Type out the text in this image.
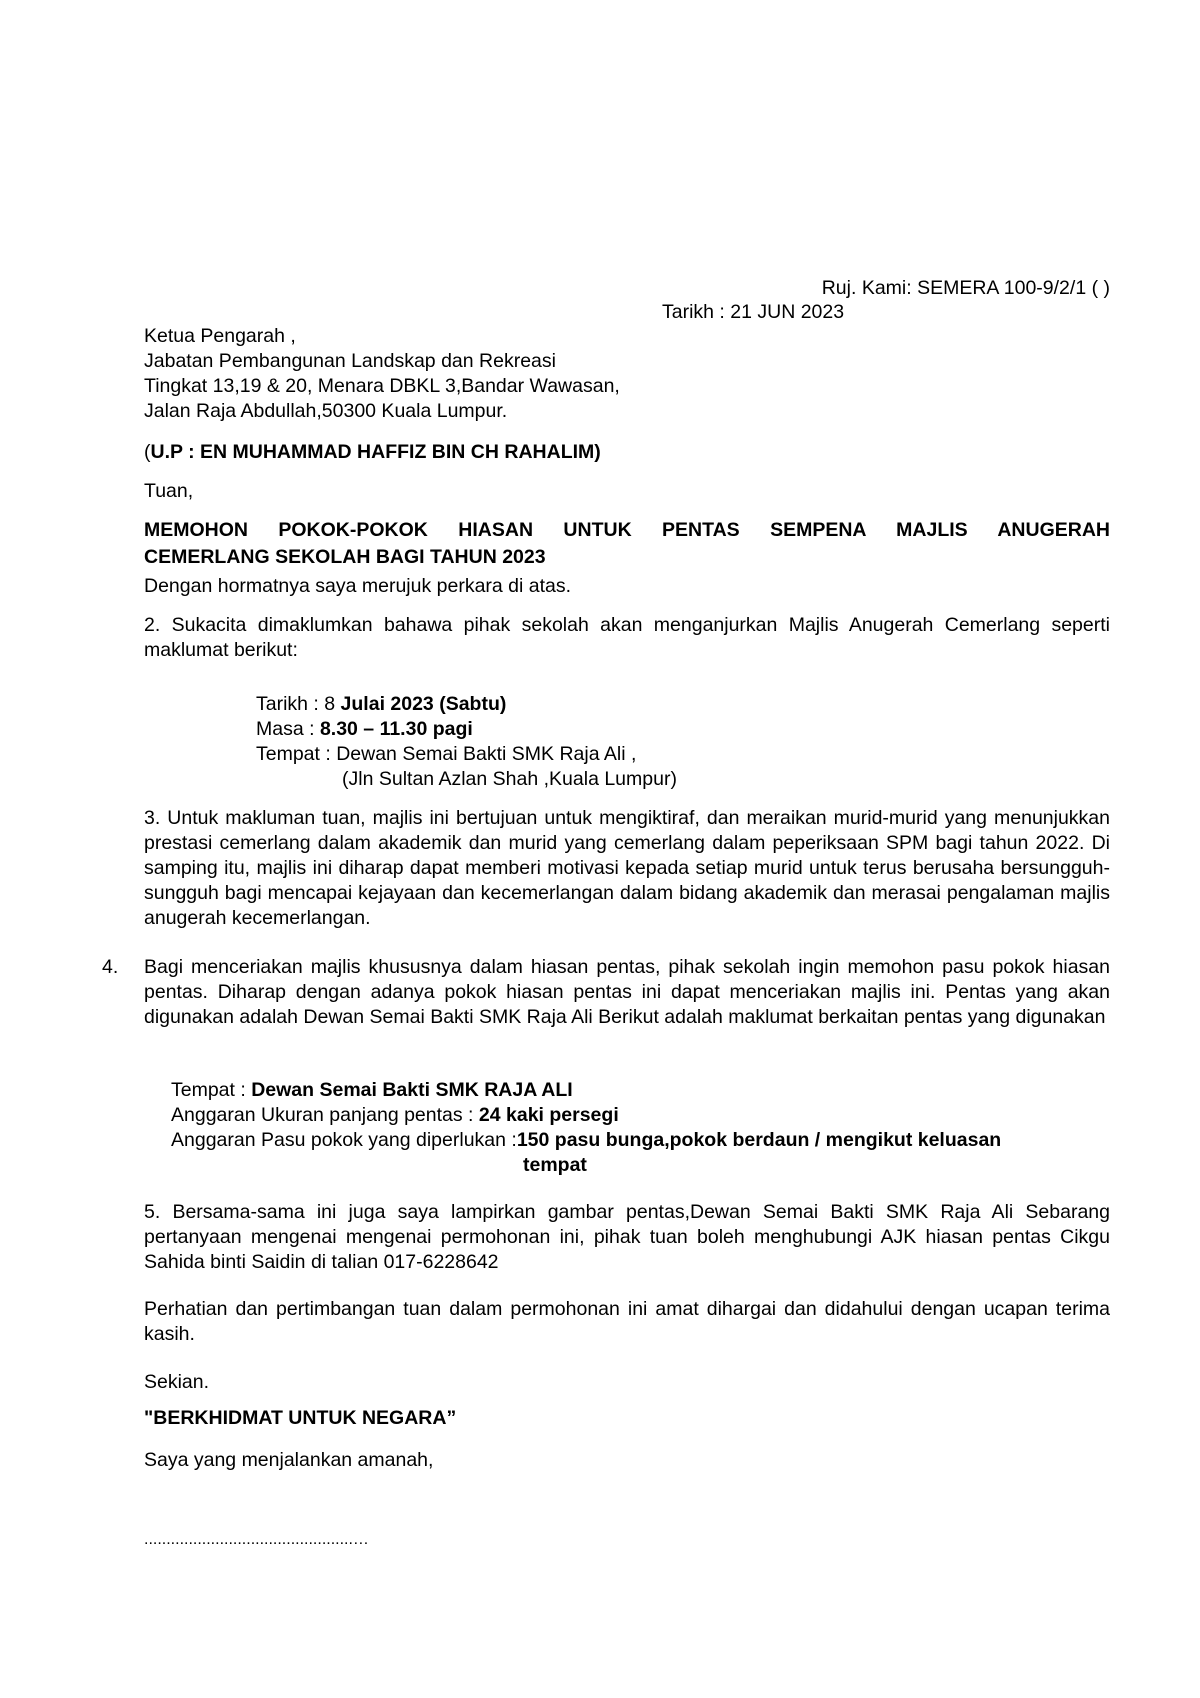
Ruj. Kami: SEMERA 100-9/2/1 ( )
Tarikh : 21 JUN 2023

Ketua Pengarah ,

Jabatan Pembangunan Landskap dan Rekreasi

Tingkat 13,19 & 20, Menara DBKL 3,Bandar Wawasan,

Jalan Raja Abdullah,50300 Kuala Lumpur.

(U.P : EN MUHAMMAD HAFFIZ BIN CH RAHALIM)
Tuan,
MEMOHON POKOK-POKOK HIASAN UNTUK PENTAS SEMPENA MAJLIS ANUGERAH
CEMERLANG SEKOLAH BAGI TAHUN 2023
Dengan hormatnya saya merujuk perkara di atas.
2. Sukacita dimaklumkan bahawa pihak sekolah akan menganjurkan Majlis Anugerah Cemerlang seperti maklumat berikut:

Tarikh : 8 Julai 2023 (Sabtu)

Masa : 8.30 – 11.30 pagi

Tempat : Dewan Semai Bakti SMK Raja Ali ,

(Jln Sultan Azlan Shah ,Kuala Lumpur)

3. Untuk makluman tuan, majlis ini bertujuan untuk mengiktiraf, dan meraikan murid-murid yang menunjukkan prestasi cemerlang dalam akademik dan murid yang cemerlang dalam peperiksaan SPM bagi tahun 2022. Di samping itu, majlis ini diharap dapat memberi motivasi kepada setiap murid untuk terus berusaha bersungguh-sungguh bagi mencapai kejayaan dan kecemerlangan dalam bidang akademik dan merasai pengalaman majlis anugerah kecemerlangan.
4. Bagi menceriakan majlis khususnya dalam hiasan pentas, pihak sekolah ingin memohon pasu pokok hiasan pentas. Diharap dengan adanya pokok hiasan pentas ini dapat menceriakan majlis ini. Pentas yang akan digunakan adalah Dewan Semai Bakti SMK Raja Ali Berikut adalah maklumat berkaitan pentas yang digunakan

Tempat : Dewan Semai Bakti SMK RAJA ALI

Anggaran Ukuran panjang pentas : 24 kaki persegi

Anggaran Pasu pokok yang diperlukan :150 pasu bunga,pokok berdaun / mengikut keluasan

tempat

5. Bersama-sama ini juga saya lampirkan gambar pentas,Dewan Semai Bakti SMK Raja Ali Sebarang pertanyaan mengenai mengenai permohonan ini, pihak tuan boleh menghubungi AJK hiasan pentas Cikgu Sahida binti Saidin di talian 017-6228642
Perhatian dan pertimbangan tuan dalam permohonan ini amat dihargai dan didahului dengan ucapan terima kasih.
Sekian.
"BERKHIDMAT UNTUK NEGARA”
Saya yang menjalankan amanah,
...............................................…
